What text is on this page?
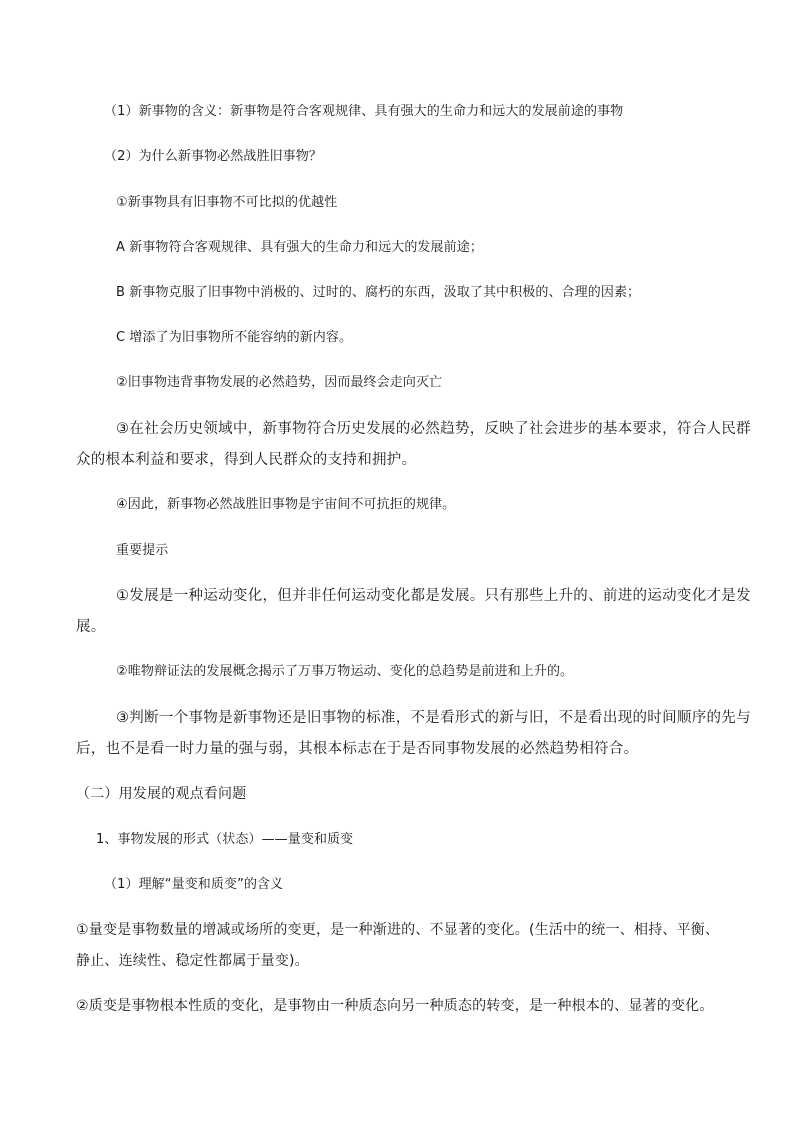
（1）新事物的含义：新事物是符合客观规律、具有强大的生命力和远大的发展前途的事物
（2）为什么新事物必然战胜旧事物？
①新事物具有旧事物不可比拟的优越性
A 新事物符合客观规律、具有强大的生命力和远大的发展前途；
B 新事物克服了旧事物中消极的、过时的、腐朽的东西，汲取了其中积极的、合理的因素；
C 增添了为旧事物所不能容纳的新内容。
②旧事物违背事物发展的必然趋势，因而最终会走向灭亡
③在社会历史领域中，新事物符合历史发展的必然趋势，反映了社会进步的基本要求，符合人民群
众的根本利益和要求，得到人民群众的支持和拥护。
④因此，新事物必然战胜旧事物是宇宙间不可抗拒的规律。
重要提示
①发展是一种运动变化，但并非任何运动变化都是发展。只有那些上升的、前进的运动变化才是发
展。
②唯物辩证法的发展概念揭示了万事万物运动、变化的总趋势是前进和上升的。
③判断一个事物是新事物还是旧事物的标准，不是看形式的新与旧，不是看出现的时间顺序的先与
后，也不是看一时力量的强与弱，其根本标志在于是否同事物发展的必然趋势相符合。
（二）用发展的观点看问题
1、事物发展的形式（状态）——量变和质变
（1）理解“量变和质变”的含义
①量变是事物数量的增减或场所的变更，是一种渐进的、不显著的变化。(生活中的统一、相持、平衡、
静止、连续性、稳定性都属于量变)。
②质变是事物根本性质的变化，是事物由一种质态向另一种质态的转变，是一种根本的、显著的变化。
